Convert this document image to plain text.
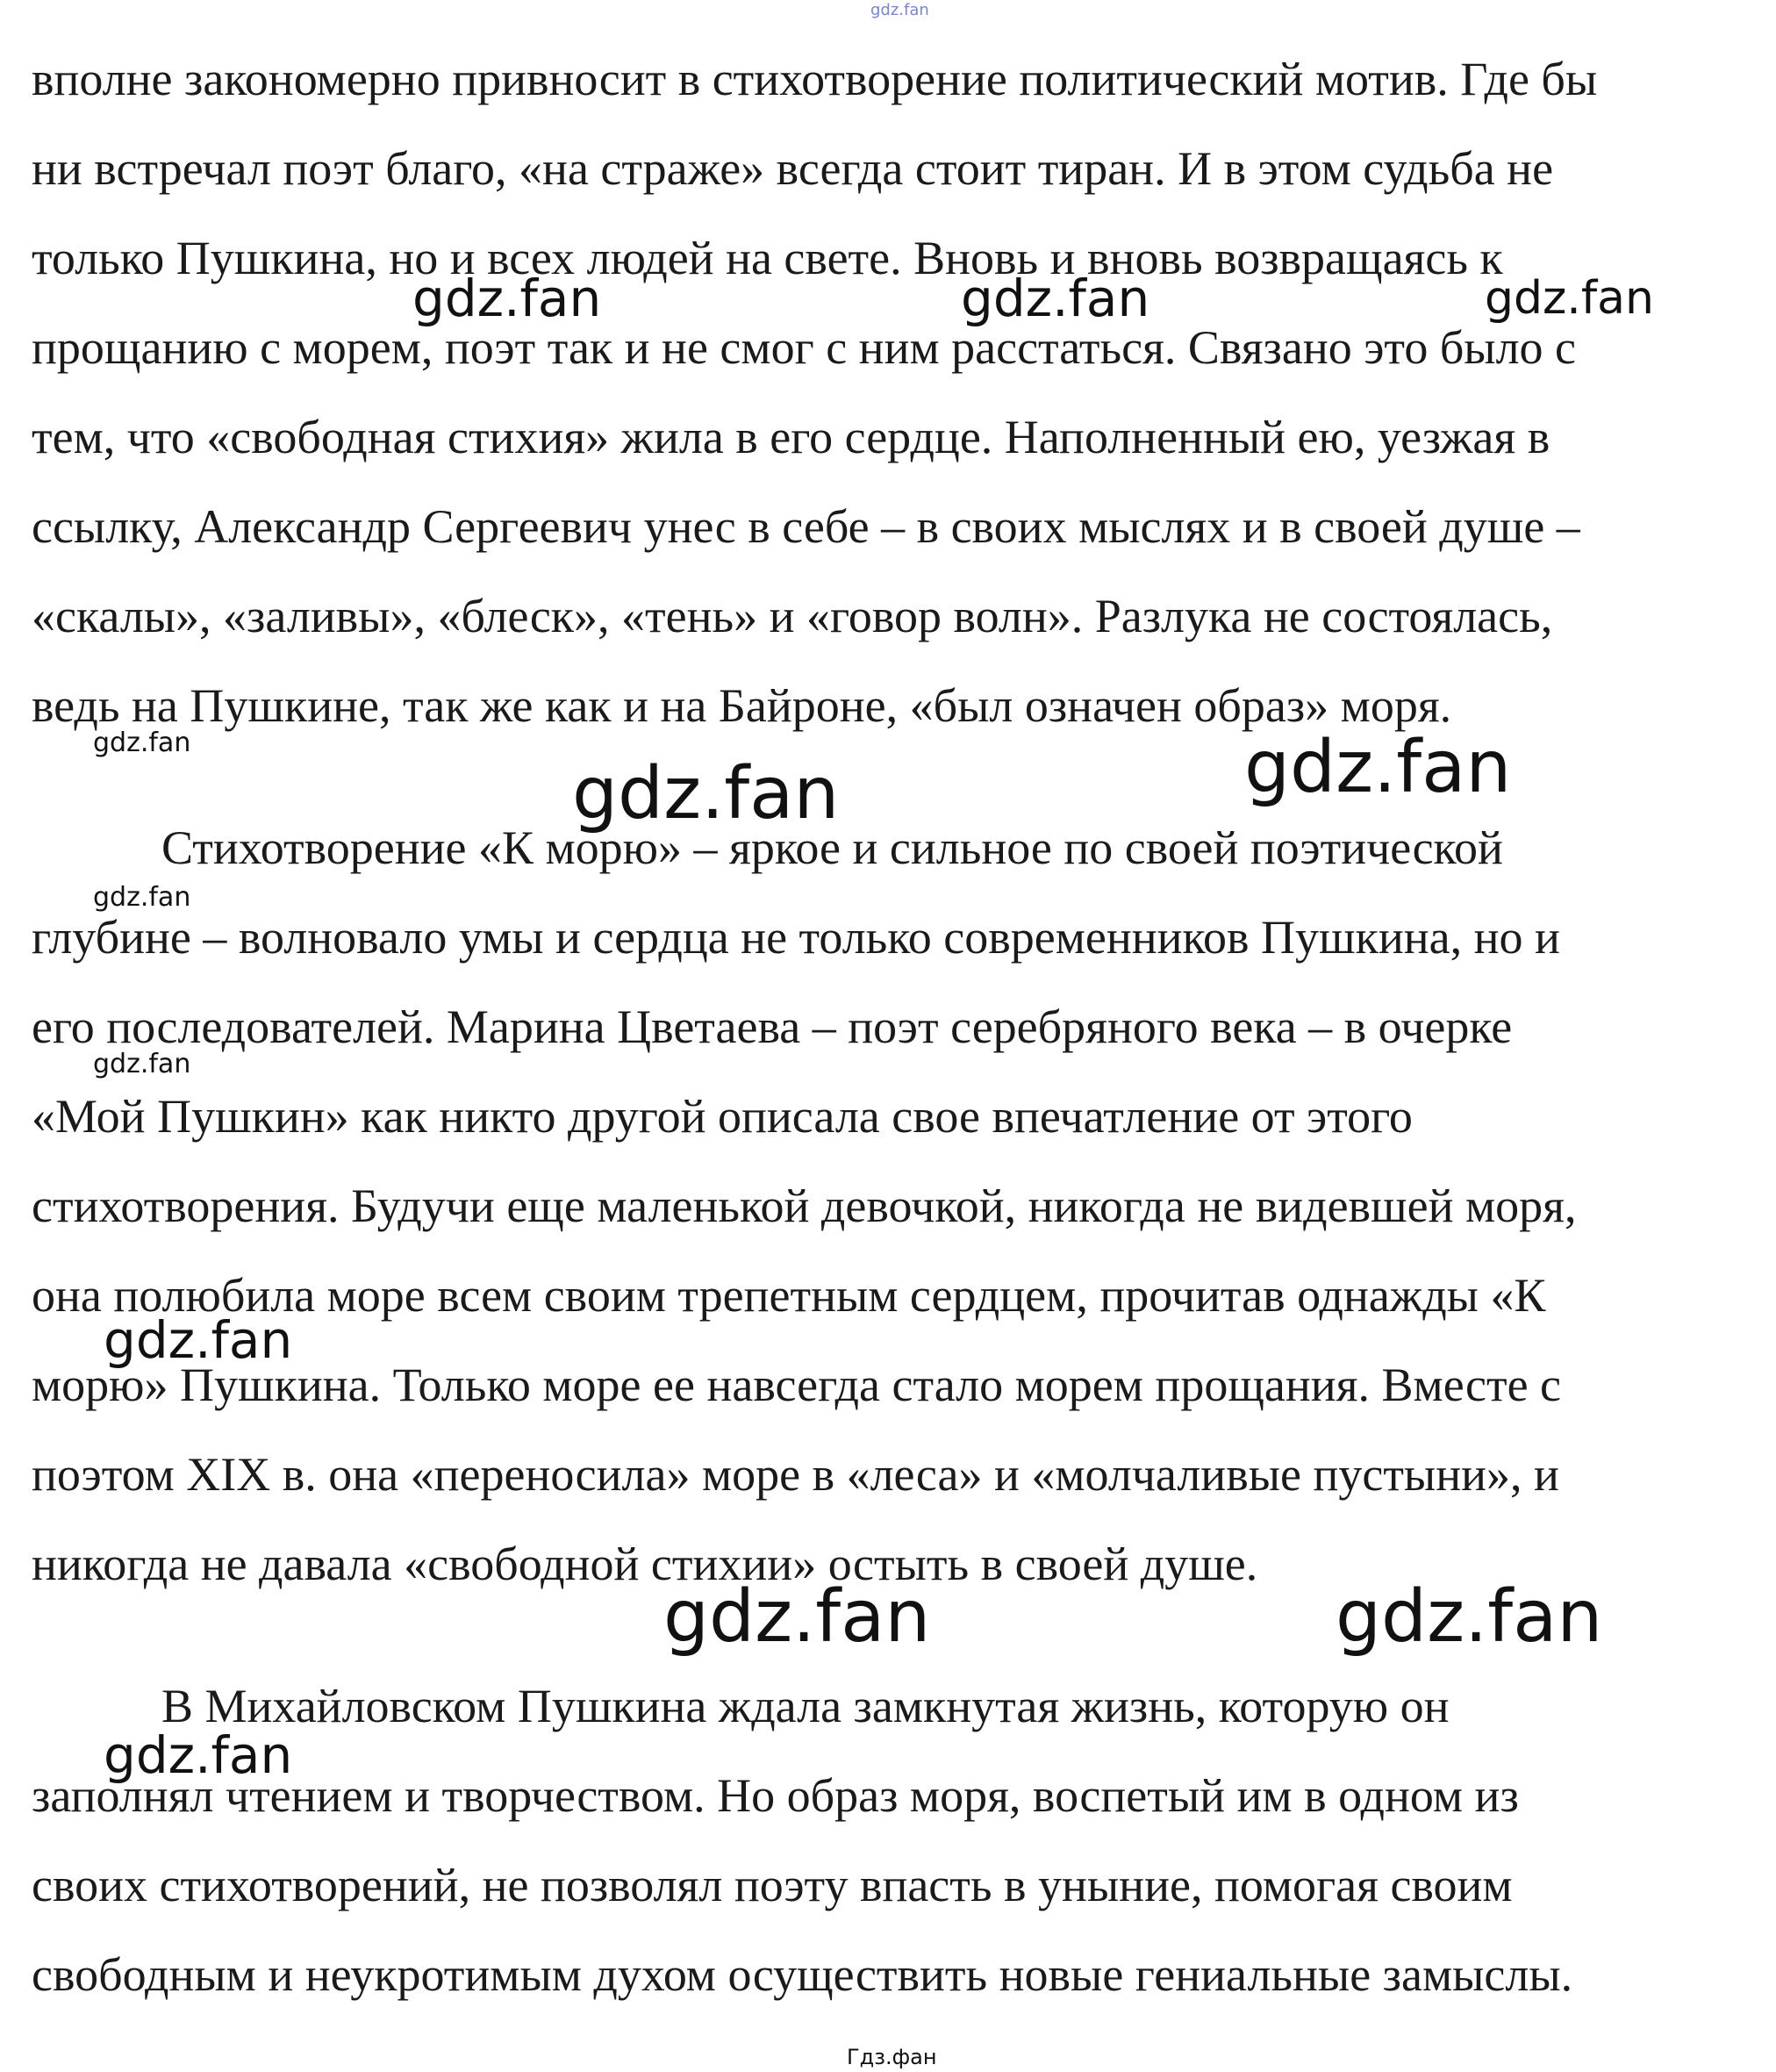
вполне закономерно привносит в стихотворение политический мотив. Где бы
ни встречал поэт благо, «на страже» всегда стоит тиран. И в этом судьба не
только Пушкина, но и всех людей на свете. Вновь и вновь возвращаясь к
прощанию с морем, поэт так и не смог с ним расстаться. Связано это было с
тем, что «свободная стихия» жила в его сердце. Наполненный ею, уезжая в
ссылку, Александр Сергеевич унес в себе – в своих мыслях и в своей душе –
«скалы», «заливы», «блеск», «тень» и «говор волн». Разлука не состоялась,
ведь на Пушкине, так же как и на Байроне, «был означен образ» моря.
Стихотворение «К морю» – яркое и сильное по своей поэтической
глубине – волновало умы и сердца не только современников Пушкина, но и
его последователей. Марина Цветаева – поэт серебряного века – в очерке
«Мой Пушкин» как никто другой описала свое впечатление от этого
стихотворения. Будучи еще маленькой девочкой, никогда не видевшей моря,
она полюбила море всем своим трепетным сердцем, прочитав однажды «К
морю» Пушкина. Только море ее навсегда стало морем прощания. Вместе с
поэтом XIX в. она «переносила» море в «леса» и «молчаливые пустыни», и
никогда не давала «свободной стихии» остыть в своей душе.
В Михайловском Пушкина ждала замкнутая жизнь, которую он
заполнял чтением и творчеством. Но образ моря, воспетый им в одном из
своих стихотворений, не позволял поэту впасть в уныние, помогая своим
свободным и неукротимым духом осуществить новые гениальные замыслы.
gdz.fan
gdz.fan	gdz.fan	gdz.fan
gdz.fan
gdz.fan	gdz.fan
gdz.fan
gdz.fan
gdz.fan
gdz.fan	gdz.fan
gdz.fan
Гдз.фан
